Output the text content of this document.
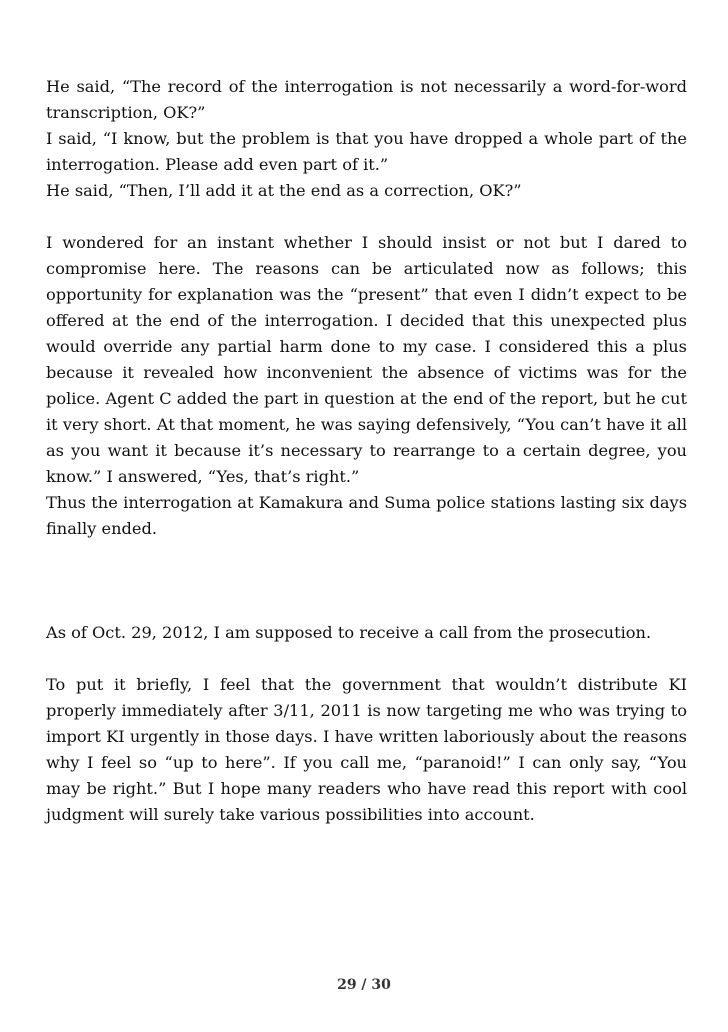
He said, “The record of the interrogation is not necessarily a word-for-word transcription, OK?”
I said, “I know, but the problem is that you have dropped a whole part of the interrogation. Please add even part of it.”
He said, “Then, I’ll add it at the end as a correction, OK?”
I wondered for an instant whether I should insist or not but I dared to compromise here. The reasons can be articulated now as follows; this opportunity for explanation was the “present” that even I didn’t expect to be offered at the end of the interrogation. I decided that this unexpected plus would override any partial harm done to my case. I considered this a plus because it revealed how inconvenient the absence of victims was for the police. Agent C added the part in question at the end of the report, but he cut it very short. At that moment, he was saying defensively, “You can’t have it all as you want it because it’s necessary to rearrange to a certain degree, you know.” I answered, “Yes, that’s right.”
Thus the interrogation at Kamakura and Suma police stations lasting six days finally ended.
As of Oct. 29, 2012, I am supposed to receive a call from the prosecution.
To put it briefly, I feel that the government that wouldn’t distribute KI properly immediately after 3/11, 2011 is now targeting me who was trying to import KI urgently in those days. I have written laboriously about the reasons why I feel so “up to here”. If you call me, “paranoid!” I can only say, “You may be right.” But I hope many readers who have read this report with cool judgment will surely take various possibilities into account.
29 / 30
